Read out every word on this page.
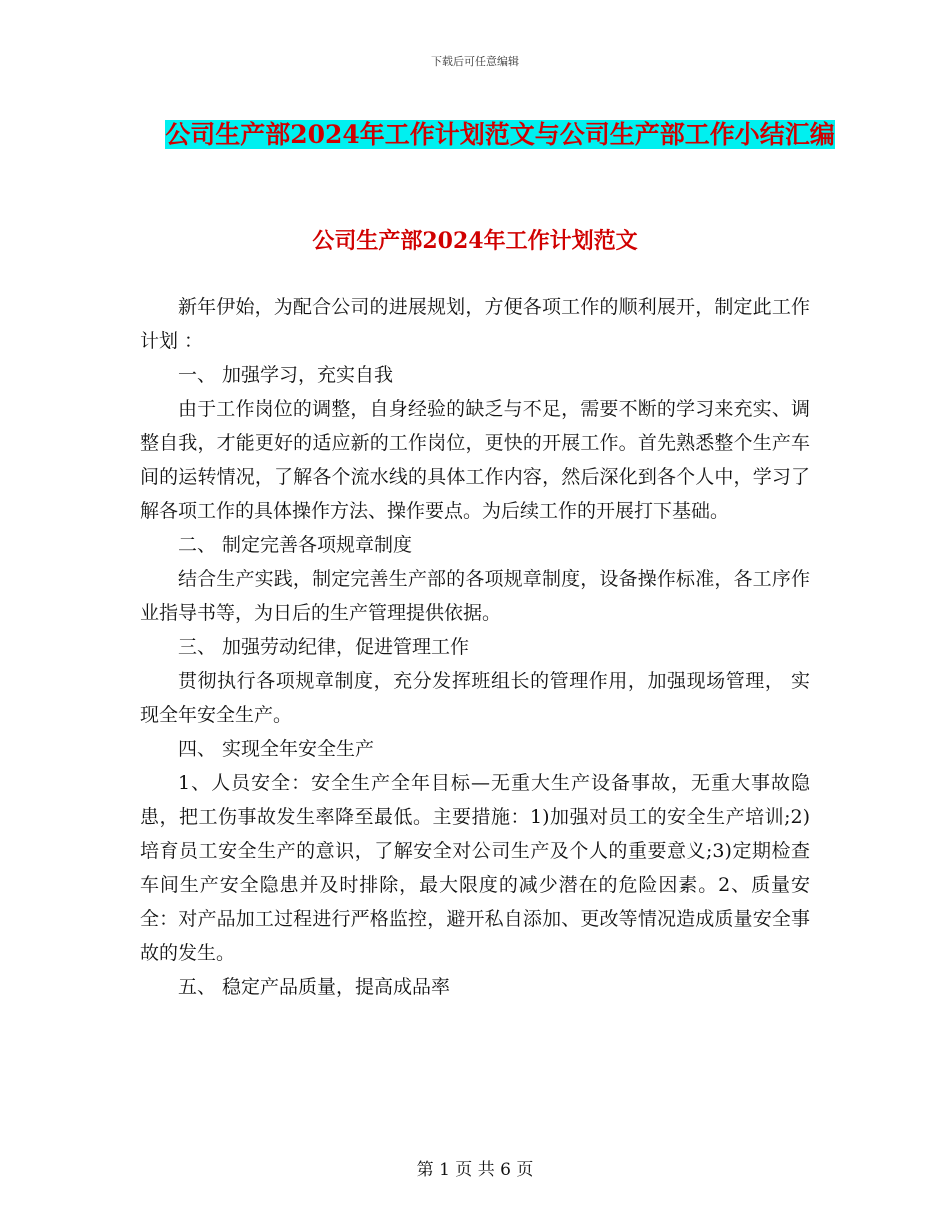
下载后可任意编辑
公司生产部2024年工作计划范文与公司生产部工作小结汇编
公司生产部2024年工作计划范文

新年伊始，为配合公司的进展规划，方便各项工作的顺利展开，制定此工作计划 ：

一、 加强学习，充实自我

由于工作岗位的调整，自身经验的缺乏与不足，需要不断的学习来充实、调整自我，才能更好的适应新的工作岗位，更快的开展工作。首先熟悉整个生产车间的运转情况，了解各个流水线的具体工作内容，然后深化到各个人中，学习了解各项工作的具体操作方法、操作要点。为后续工作的开展打下基础。

二、 制定完善各项规章制度

结合生产实践，制定完善生产部的各项规章制度，设备操作标准，各工序作业指导书等，为日后的生产管理提供依据。

三、 加强劳动纪律，促进管理工作

贯彻执行各项规章制度，充分发挥班组长的管理作用，加强现场管理， 实现全年安全生产。

四、 实现全年安全生产

1、人员安全：安全生产全年目标—无重大生产设备事故，无重大事故隐患，把工伤事故发生率降至最低。主要措施：1)加强对员工的安全生产培训;2)培育员工安全生产的意识，了解安全对公司生产及个人的重要意义;3)定期检查车间生产安全隐患并及时排除，最大限度的减少潜在的危险因素。2、质量安全：对产品加工过程进行严格监控，避开私自添加、更改等情况造成质量安全事故的发生。

五、 稳定产品质量，提高成品率

第 1 页 共 6 页
